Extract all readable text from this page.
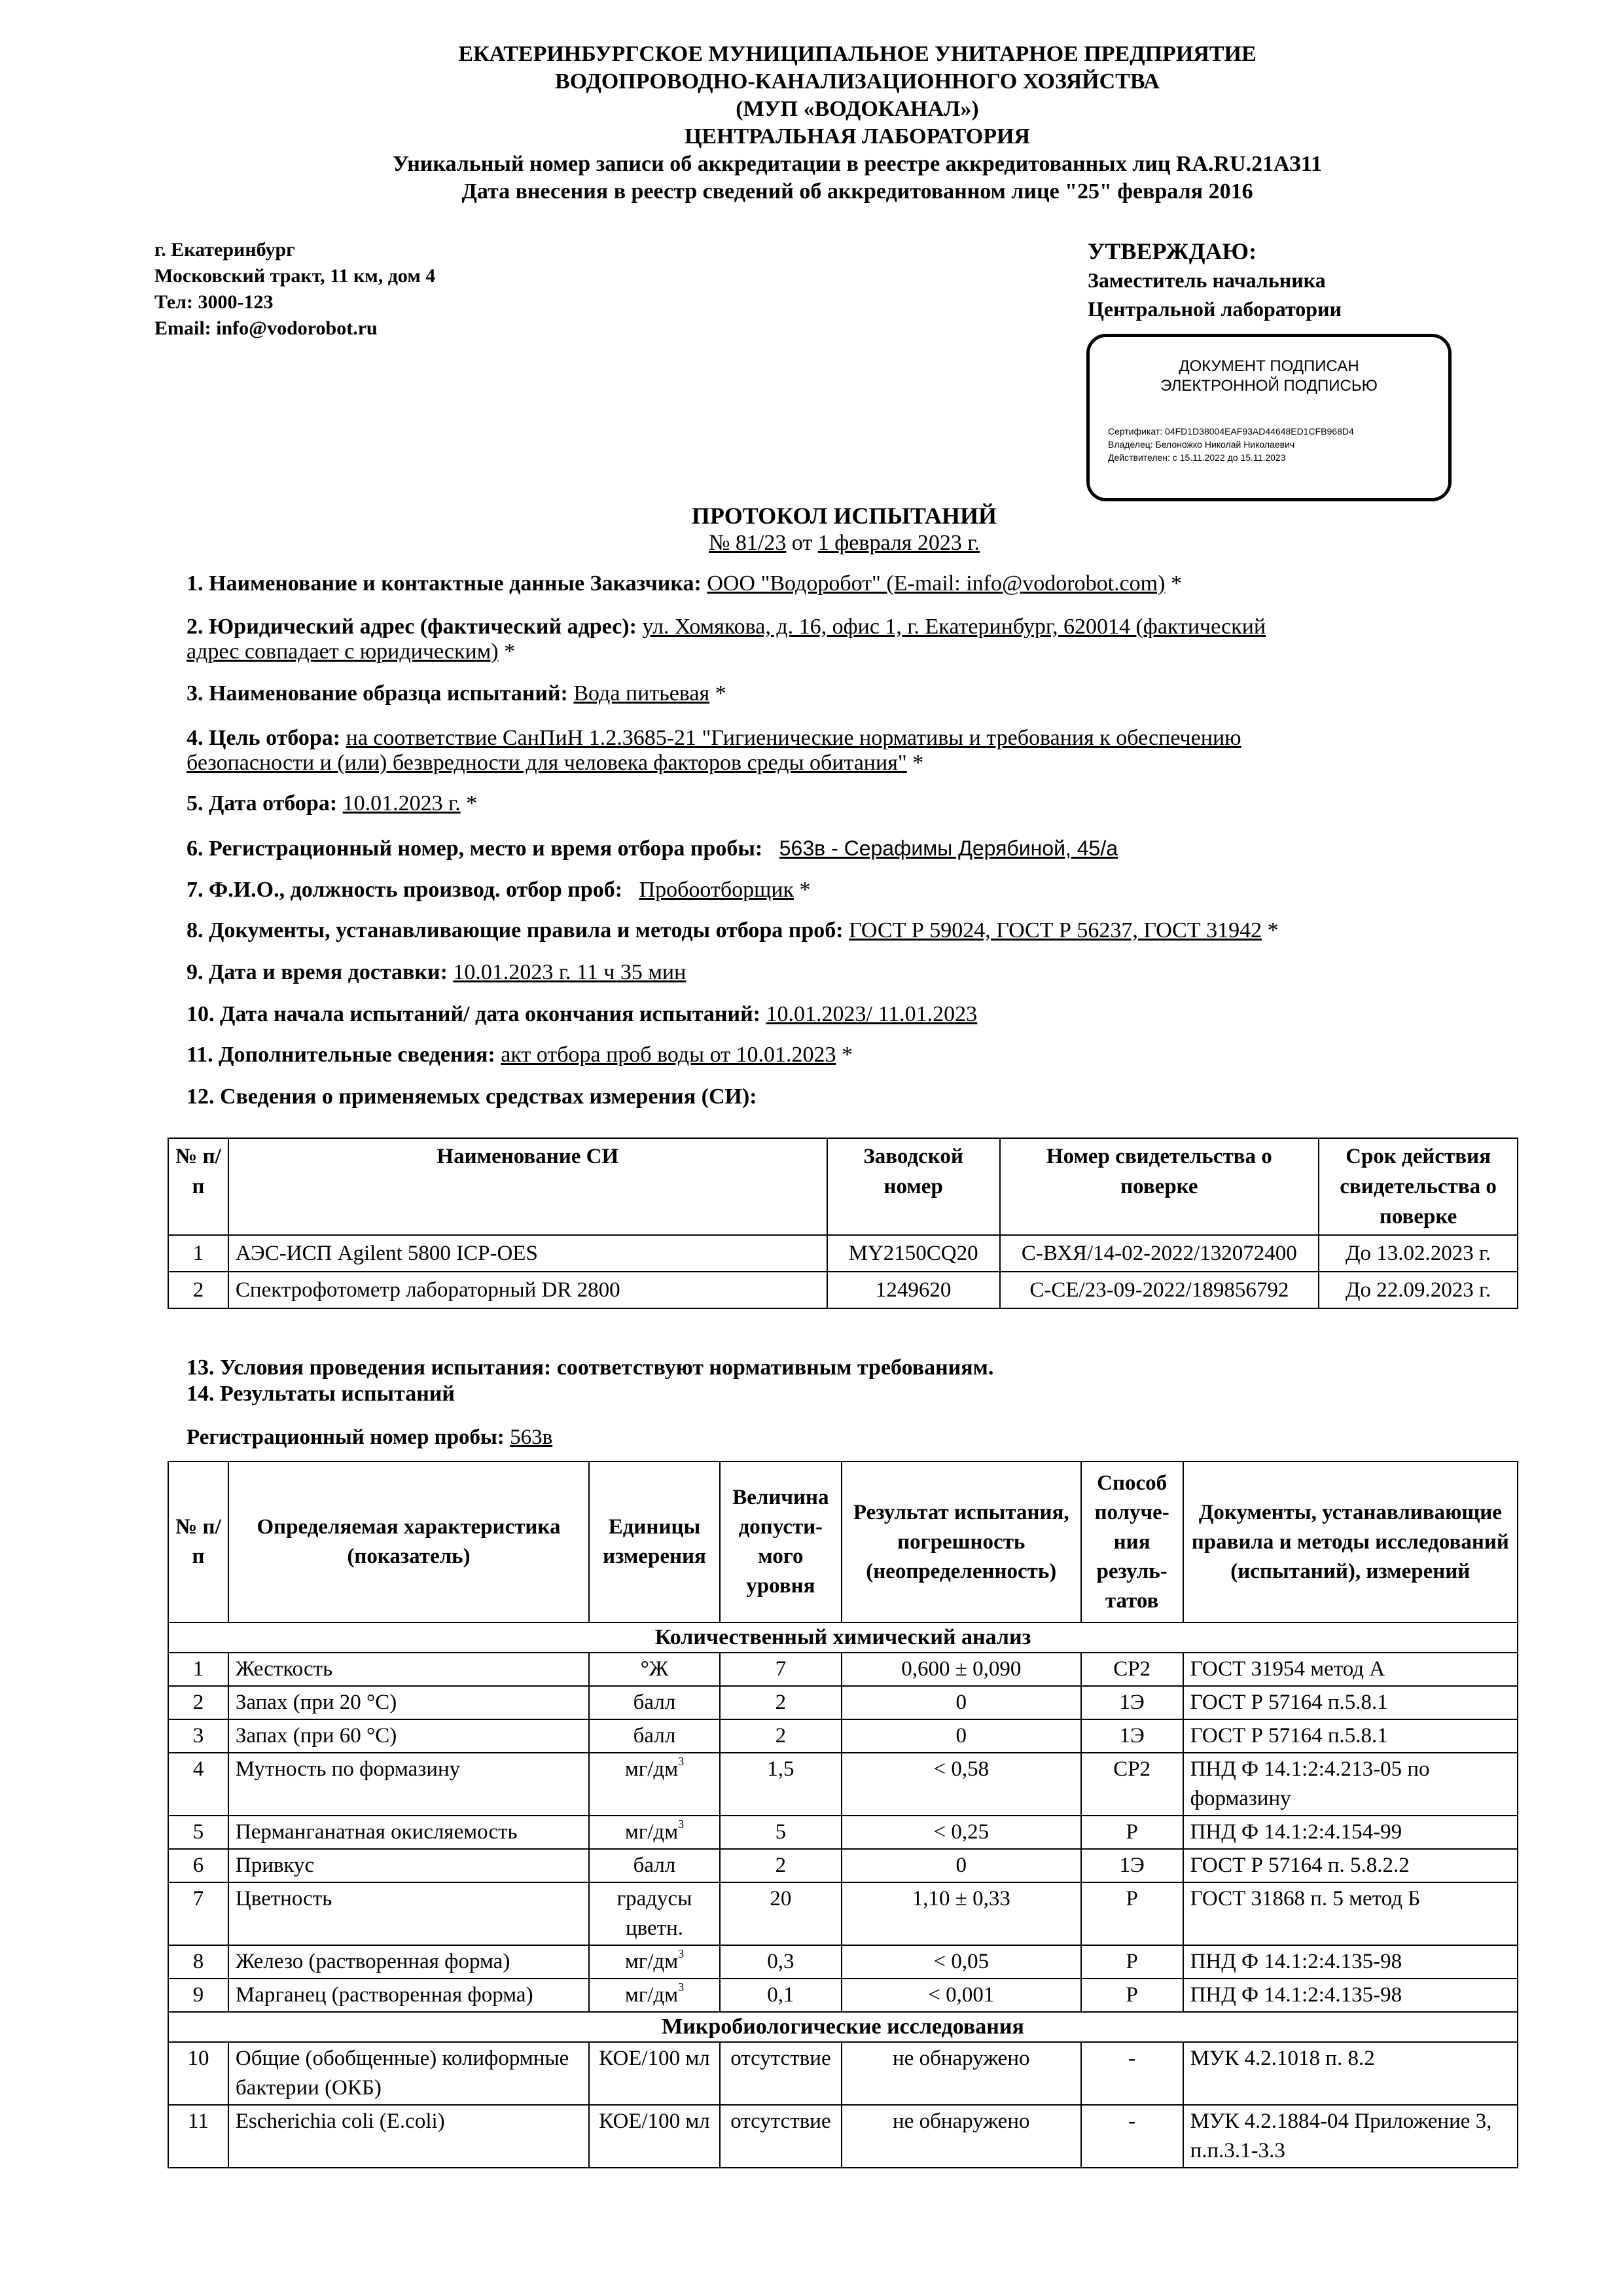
ЕКАТЕРИНБУРГСКОЕ МУНИЦИПАЛЬНОЕ УНИТАРНОЕ ПРЕДПРИЯТИЕ
ВОДОПРОВОДНО-КАНАЛИЗАЦИОННОГО ХОЗЯЙСТВА
(МУП «ВОДОКАНАЛ»)
ЦЕНТРАЛЬНАЯ ЛАБОРАТОРИЯ
Уникальный номер записи об аккредитации в реестре аккредитованных лиц RA.RU.21АЗ11
Дата внесения в реестр сведений об аккредитованном лице "25" февраля 2016
г. Екатеринбург
Московский тракт, 11 км, дом 4
Тел: 3000-123
Email: info@vodorobot.ru
УТВЕРЖДАЮ:
Заместитель начальника
Центральной лаборатории
ДОКУМЕНТ ПОДПИСАН
ЭЛЕКТРОННОЙ ПОДПИСЬЮ
Сертификат: 04FD1D38004EAF93AD44648ED1CFB968D4
Владелец: Белоножко Николай Николаевич
Действителен: с 15.11.2022 до 15.11.2023
ПРОТОКОЛ ИСПЫТАНИЙ
№ 81/23 от 1 февраля 2023 г.
1. Наименование и контактные данные Заказчика: ООО "Водоробот" (E-mail: info@vodorobot.com) *
2. Юридический адрес (фактический адрес): ул. Хомякова, д. 16, офис 1, г. Екатеринбург, 620014 (фактический
адрес совпадает с юридическим) *
3. Наименование образца испытаний: Вода питьевая *
4. Цель отбора: на соответствие СанПиН 1.2.3685-21 "Гигиенические нормативы и требования к обеспечению
безопасности и (или) безвредности для человека факторов среды обитания" *
5. Дата отбора: 10.01.2023 г. *
6. Регистрационный номер, место и время отбора пробы: 563в - Серафимы Дерябиной, 45/а
7. Ф.И.О., должность производ. отбор проб: Пробоотборщик *
8. Документы, устанавливающие правила и методы отбора проб: ГОСТ Р 59024, ГОСТ Р 56237, ГОСТ 31942 *
9. Дата и время доставки: 10.01.2023 г. 11 ч 35 мин
10. Дата начала испытаний/ дата окончания испытаний: 10.01.2023/ 11.01.2023
11. Дополнительные сведения: акт отбора проб воды от 10.01.2023 *
12. Сведения о применяемых средствах измерения (СИ):
№ п/п	Наименование СИ	Заводской номер	Номер свидетельства о поверке	Срок действия свидетельства о поверке
1	АЭС-ИСП Agilent 5800 ICP-OES	MY2150CQ20	С-ВХЯ/14-02-2022/132072400	До 13.02.2023 г.
2	Спектрофотометр лабораторный DR 2800	1249620	С-СЕ/23-09-2022/189856792	До 22.09.2023 г.
13. Условия проведения испытания: соответствуют нормативным требованиям.
14. Результаты испытаний
Регистрационный номер пробы: 563в
№ п/п	Определяемая характеристика (показатель)	Единицы измерения	Величина допусти-мого уровня	Результат испытания, погрешность (неопределенность)	Способ получе-ния резуль-татов	Документы, устанавливающие правила и методы исследований (испытаний), измерений
Количественный химический анализ						
1	Жесткость	°Ж	7	0,600 ± 0,090	СР2	ГОСТ 31954 метод А
2	Запах (при 20 °С)	балл	2	0	1Э	ГОСТ Р 57164 п.5.8.1
3	Запах (при 60 °С)	балл	2	0	1Э	ГОСТ Р 57164 п.5.8.1
4	Мутность по формазину	$мг/дм^3$	1,5	< 0,58	СР2	ПНД Ф 14.1:2:4.213-05 по формазину
5	Перманганатная окисляемость	$мг/дм^3$	5	< 0,25	Р	ПНД Ф 14.1:2:4.154-99
6	Привкус	балл	2	0	1Э	ГОСТ Р 57164 п. 5.8.2.2
7	Цветность	градусы цветн.	20	1,10 ± 0,33	Р	ГОСТ 31868 п. 5 метод Б
8	Железо (растворенная форма)	$мг/дм^3$	0,3	< 0,05	Р	ПНД Ф 14.1:2:4.135-98
9	Марганец (растворенная форма)	$мг/дм^3$	0,1	< 0,001	Р	ПНД Ф 14.1:2:4.135-98
Микробиологические исследования						
10	Общие (обобщенные) колиформные бактерии (ОКБ)	КОЕ/100 мл	отсутствие	не обнаружено	-	МУК 4.2.1018 п. 8.2
11	Escherichia coli (E.coli)	КОЕ/100 мл	отсутствие	не обнаружено	-	МУК 4.2.1884-04 Приложение 3, п.п.3.1-3.3
